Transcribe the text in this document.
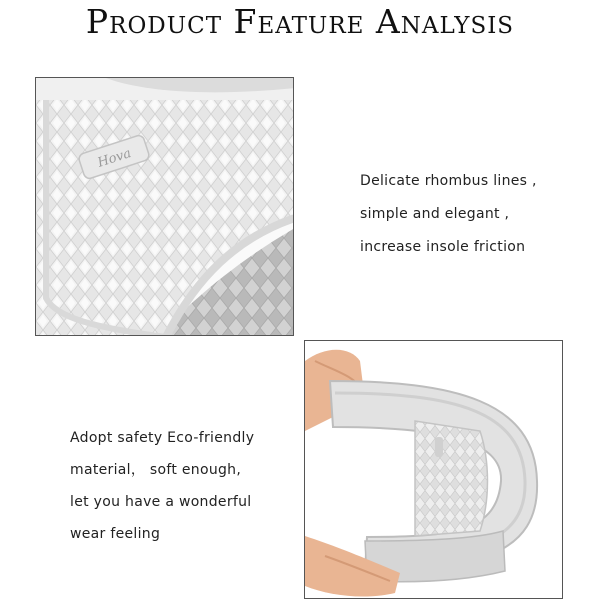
Product Feature Analysis
Hova
Delicate rhombus lines ,
simple and elegant ,
increase insole friction
Adopt safety Eco-friendly
material， soft enough,
let you have a wonderful
wear feeling
